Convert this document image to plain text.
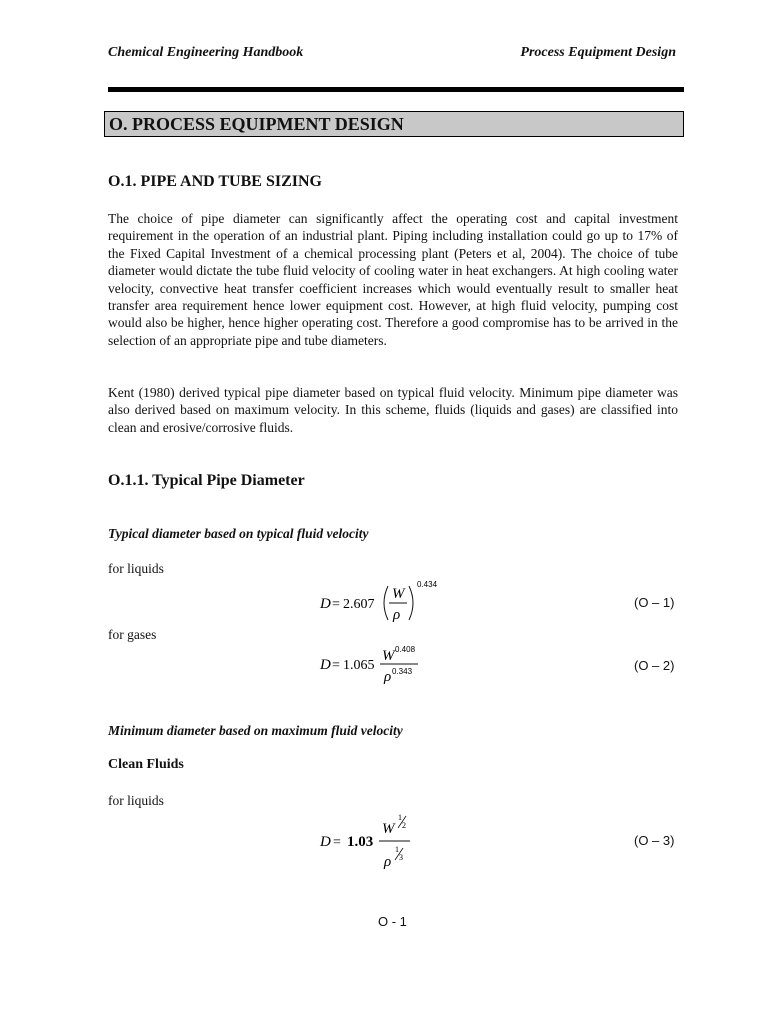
Chemical Engineering Handbook	Process Equipment Design
O. PROCESS EQUIPMENT DESIGN
O.1. PIPE AND TUBE SIZING
The choice of pipe diameter can significantly affect the operating cost and capital investment requirement in the operation of an industrial plant. Piping including installation could go up to 17% of the Fixed Capital Investment of a chemical processing plant (Peters et al, 2004). The choice of tube diameter would dictate the tube fluid velocity of cooling water in heat exchangers. At high cooling water velocity, convective heat transfer coefficient increases which would eventually result to smaller heat transfer area requirement hence lower equipment cost. However, at high fluid velocity, pumping cost would also be higher, hence higher operating cost. Therefore a good compromise has to be arrived in the selection of an appropriate pipe and tube diameters.
Kent (1980) derived typical pipe diameter based on typical fluid velocity. Minimum pipe diameter was also derived based on maximum velocity. In this scheme, fluids (liquids and gases) are classified into clean and erosive/corrosive fluids.
O.1.1. Typical Pipe Diameter
Typical diameter based on typical fluid velocity
for liquids
D = 2.607
W
ρ
0.434
(O – 1)
for gases
D = 1.065
W 0.408
ρ 0.343	(O – 2)
Minimum diameter based on maximum fluid velocity
Clean Fluids
for liquids
D = 1.03
W
1
2
ρ
1
3
(O – 3)
O - 1
